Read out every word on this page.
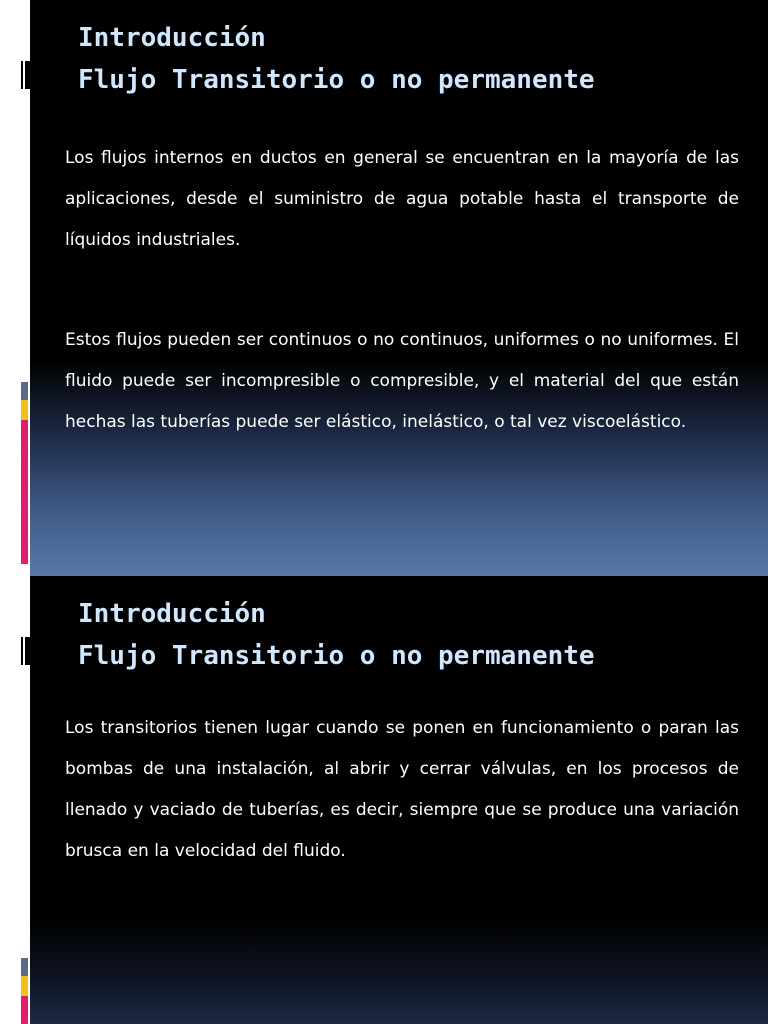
Introducción
Flujo Transitorio o no permanente

Los flujos internos en ductos en general se encuentran en la mayoría de las aplicaciones, desde el suministro de agua potable hasta el transporte de líquidos industriales.

Estos flujos pueden ser continuos o no continuos, uniformes o no uniformes. El fluido puede ser incompresible o compresible, y el material del que están hechas las tuberías puede ser elástico, inelástico, o tal vez viscoelástico.

Introducción
Flujo Transitorio o no permanente

Los transitorios tienen lugar cuando se ponen en funcionamiento o paran las bombas de una instalación, al abrir y cerrar válvulas, en los procesos de llenado y vaciado de tuberías, es decir, siempre que se produce una variación brusca en la velocidad del fluido.
